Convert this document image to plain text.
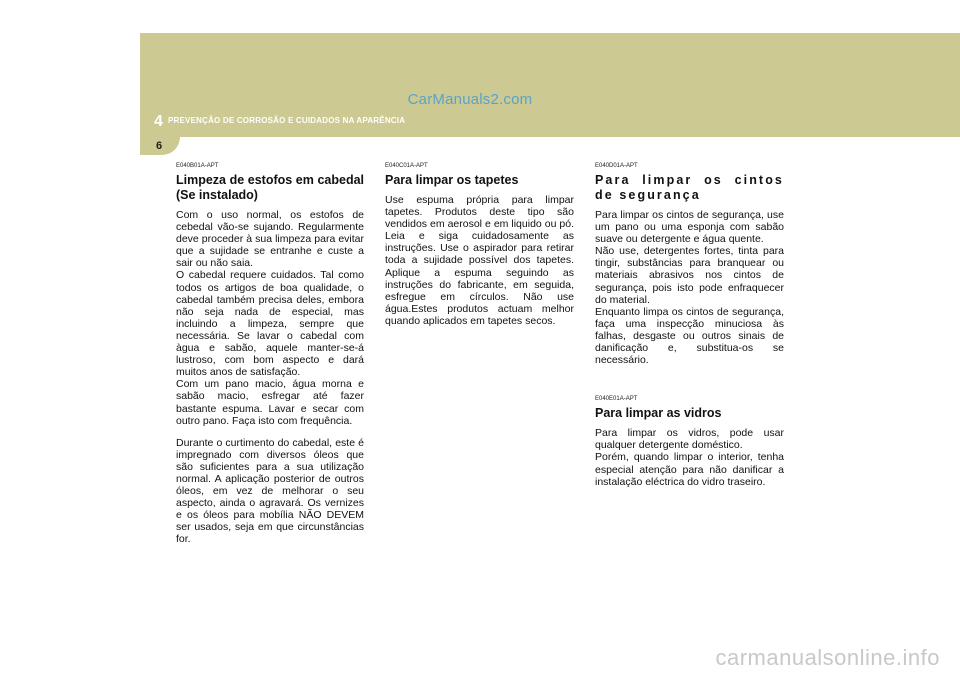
CarManuals2.com
4 PREVENÇÃO DE CORROSÃO E CUIDADOS NA APARÊNCIA
6
E040B01A-APT
Limpeza de estofos em cabedal (Se instalado)

Com o uso normal, os estofos de cebedal vão-se sujando. Regularmente deve proceder à sua limpeza para evitar que a sujidade se entranhe e custe a sair ou não saia.

O cabedal requere cuidados. Tal como todos os artigos de boa qualidade, o cabedal também precisa deles, embora não seja nada de especial, mas incluindo a limpeza, sempre que necessária. Se lavar o cabedal com àgua e sabão, aquele manter-se-á lustroso, com bom aspecto e dará muitos anos de satisfação.

Com um pano macio, água morna e sabão macio, esfregar até fazer bastante espuma. Lavar e secar com outro pano. Faça isto com frequência.

Durante o curtimento do cabedal, este é impregnado com diversos óleos que são suficientes para a sua utilização normal. A aplicação posterior de outros óleos, em vez de melhorar o seu aspecto, ainda o agravará. Os vernizes e os óleos para mobília NÃO DEVEM ser usados, seja em que circunstâncias for.

E040C01A-APT
Para limpar os tapetes

Use espuma própria para limpar tapetes. Produtos deste tipo são vendidos em aerosol e em liquido ou pó. Leia e siga cuidadosamente as instruções. Use o aspirador para retirar toda a sujidade possível dos tapetes. Aplique a espuma seguindo as instruções do fabricante, em seguida, esfregue em círculos. Não use água.Estes produtos actuam melhor quando aplicados em tapetes secos.

E040D01A-APT
Para limpar os cintos de segurança

Para limpar os cintos de segurança, use um pano ou uma esponja com sabão suave ou detergente e água quente.

Não use, detergentes fortes, tinta para tingir, substâncias para branquear ou materiais abrasivos nos cintos de segurança, pois isto pode enfraquecer do material.

Enquanto limpa os cintos de segurança, faça uma inspecção minuciosa às falhas, desgaste ou outros sinais de danificação e, substitua-os se necessário.

E040E01A-APT
Para limpar as vidros

Para limpar os vidros, pode usar qualquer detergente doméstico.

Porém, quando limpar o interior, tenha especial atenção para não danificar a instalação eléctrica do vidro traseiro.

carmanualsonline.info
